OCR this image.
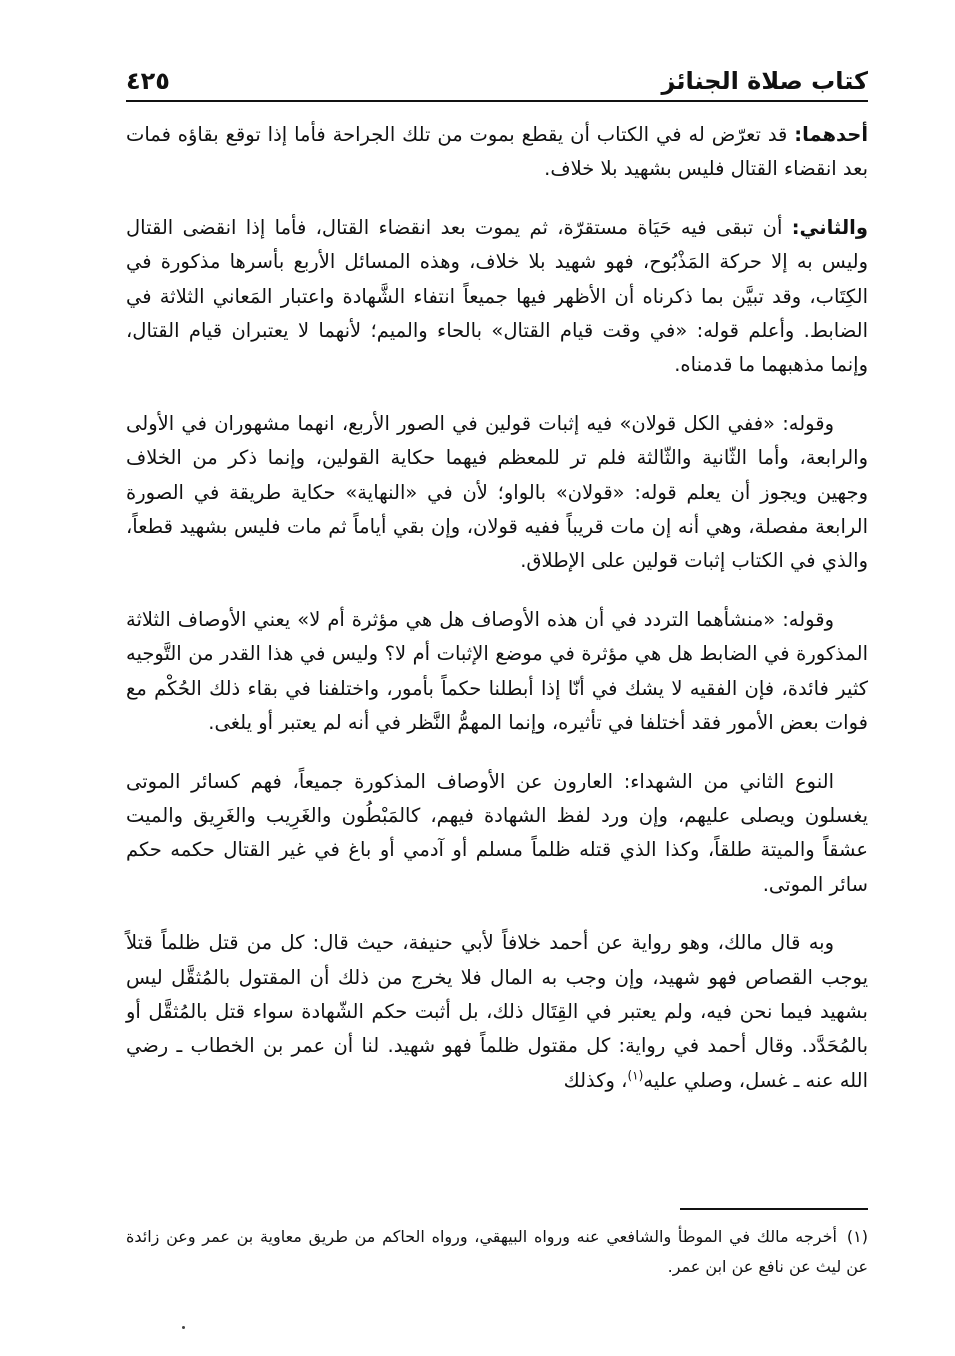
كتاب صلاة الجنائز
٤٢٥

أحدهما: قد تعرّض له في الكتاب أن يقطع بموت من تلك الجراحة فأما إذا توقع بقاؤه فمات بعد انقضاء القتال فليس بشهيد بلا خلاف.

والثاني: أن تبقى فيه حَيَاة مستقرّة، ثم يموت بعد انقضاء القتال، فأما إذا انقضى القتال وليس به إلا حركة المَذْبُوح، فهو شهيد بلا خلاف، وهذه المسائل الأربع بأسرها مذكورة في الكِتَاب، وقد تبيَّن بما ذكرناه أن الأظهر فيها جميعاً انتفاء الشَّهادة واعتبار المَعاني الثلاثة في الضابط. وأعلم قوله: «في وقت قيام القتال» بالحاء والميم؛ لأنهما لا يعتبران قيام القتال، وإنما مذهبهما ما قدمناه.

وقوله: «ففي الكل قولان» فيه إثبات قولين في الصور الأربع، انهما مشهوران في الأولى والرابعة، وأما الثّانية والثّالثة فلم تر للمعظم فيهما حكاية القولين، وإنما ذكر من الخلاف وجهين ويجوز أن يعلم قوله: «قولان» بالواو؛ لأن في «النهاية» حكاية طريقة في الصورة الرابعة مفصلة، وهي أنه إن مات قريباً ففيه قولان، وإن بقي أياماً ثم مات فليس بشهيد قطعاً، والذي في الكتاب إثبات قولين على الإطلاق.

وقوله: «منشأهما التردد في أن هذه الأوصاف هل هي مؤثرة أم لا» يعني الأوصاف الثلاثة المذكورة في الضابط هل هي مؤثرة في موضع الإثبات أم لا؟ وليس في هذا القدر من التَّوجيه كثير فائدة، فإن الفقيه لا يشك في أنّا إذا أبطلنا حكماً بأمور، واختلفنا في بقاء ذلك الحُكْم مع فوات بعض الأمور فقد أختلفا في تأثيره، وإنما المهمُّ النَّظر في أنه لم يعتبر أو يلغى.

النوع الثاني من الشهداء: العارون عن الأوصاف المذكورة جميعاً، فهم كسائر الموتى يغسلون ويصلى عليهم، وإن ورد لفظ الشهادة فيهم، كالمَبْطُون والغَرِيب والغَرِيق والميت عشقاً والميتة طلقاً، وكذا الذي قتله ظلماً مسلم أو آدمي أو باغ في غير القتال حكمه حكم سائر الموتى.

وبه قال مالك، وهو رواية عن أحمد خلافاً لأبي حنيفة، حيث قال: كل من قتل ظلماً قتلاً يوجب القصاص فهو شهيد، وإن وجب به المال فلا يخرج من ذلك أن المقتول بالمُثقَّل ليس بشهيد فيما نحن فيه، ولم يعتبر في القِتَال ذلك، بل أثبت حكم الشّهادة سواء قتل بالمُثقَّل أو بالمُحَدَّد. وقال أحمد في رواية: كل مقتول ظلماً فهو شهيد. لنا أن عمر بن الخطاب ـ رضي الله عنه ـ غسل، وصلي عليه$^{(١)}$، وكذلك

(١)أخرجه مالك في الموطأ والشافعي عنه ورواه البيهقي، ورواه الحاكم من طريق معاوية بن عمر وعن زائدة عن ليث عن نافع عن ابن عمر.
